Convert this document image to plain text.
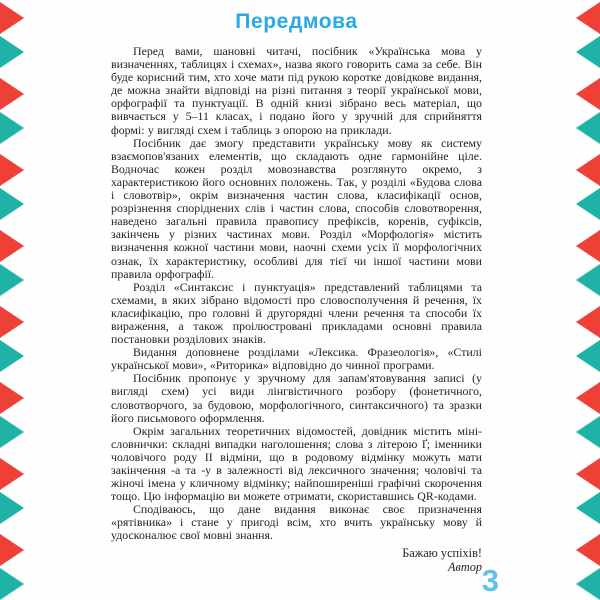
Передмова

Перед вами, шановні читачі, посібник «Українська мова у визначеннях, таблицях і схемах», назва якого говорить сама за себе. Він буде корисний тим, хто хоче мати під рукою коротке довідкове видання, де можна знайти відповіді на різні питання з теорії української мови, орфографії та пунктуації. В одній книзі зібрано весь матеріал, що вивчається у 5–11 класах, і подано його у зручній для сприйняття формі: у вигляді схем і таблиць з опорою на приклади.

Посібник дає змогу представити українську мову як систему взаємопов'язаних елементів, що складають одне гармонійне ціле. Водночас кожен розділ мовознавства розглянуто окремо, з характеристикою його основних положень. Так, у розділі «Будова слова і словотвір», окрім визначення частин слова, класифікації основ, розрізнення споріднених слів і частин слова, способів словотворення, наведено загальні правила правопису префіксів, коренів, суфіксів, закінчень у різних частинах мови. Розділ «Морфологія» містить визначення кожної частини мови, наочні схеми усіх її морфологічних ознак, їх характеристику, особливі для тієї чи іншої частини мови правила орфографії.

Розділ «Синтаксис і пунктуація» представлений таблицями та схемами, в яких зібрано відомості про словосполучення й речення, їх класифікацію, про головні й другорядні члени речення та способи їх вираження, а також проілюстровані прикладами основні правила постановки розділових знаків.

Видання доповнене розділами «Лексика. Фразеологія», «Стилі української мови», «Риторика» відповідно до чинної програми.

Посібник пропонує у зручному для запам'ятовування записі (у вигляді схем) усі види лінгвістичного розбору (фонетичного, словотворчого, за будовою, морфологічного, синтаксичного) та зразки його письмового оформлення.

Окрім загальних теоретичних відомостей, довідник містить міні-словнички: складні випадки наголошення; слова з літерою Ґ; іменники чоловічого роду ІІ відміни, що в родовому відмінку можуть мати закінчення -а та -у в залежності від лексичного значення; чоловічі та жіночі імена у кличному відмінку; найпоширеніші графічні скорочення тощо. Цю інформацію ви можете отримати, скориставшись QR-кодами.

Сподіваюсь, що дане видання виконає своє призначення «рятівника» і стане у пригоді всім, хто вчить українську мову й удосконалює свої мовні знання.

Бажаю успіхів!
Автор 3
